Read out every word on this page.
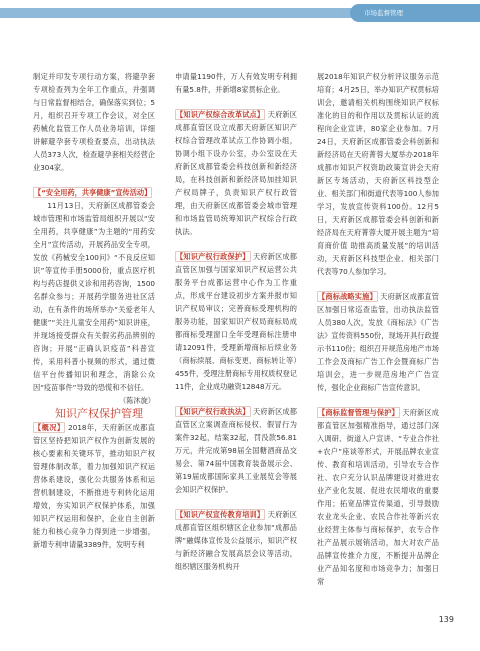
市场监督管理

制定并印发专项行动方案，将避孕套专项检查列为全年工作重点，并强调与日常监督相结合，确保落实到位；5月，组织召开专项工作会议，对全区药械化监管工作人员业务培训，详细讲解避孕套专项检查要点，出动执法人员373人次，检查避孕套相关经营企业304家。

【“安全用药，共享健康”宣传活动】

11月13日，天府新区成都管委会城市管理和市场监管局组织开展以“安全用药，共享健康”为主题的“用药安全月”宣传活动，开展药品安全专项，发放《药械安全100问》“不良反应知识”等宣传手册5000份，重点医疗机构与药店提供义诊和用药咨询，1500名群众参与；开展药学服务进社区活动，在有条件的场所举办“关爱老年人健康”“关注儿童安全用药”知识讲座，并现场接受群众有关假劣药品辨别的咨询；开展“正确认识疫苗”科普宣传，采用科普小视频的形式，通过微信平台传播知识和理念，消除公众因“疫苗事件”导致的恐慌和不信任。

（陈沐旋）

知识产权保护管理

【概况】 2018年，天府新区成都直管区坚持把知识产权作为创新发展的核心要素和关键环节，推动知识产权管理体制改革，着力加强知识产权运营体系建设，强化公共服务体系和运营机制建设，不断推进专利转化运用增效，夯实知识产权保护体系，加强知识产权运用和保护，企业自主创新能力和核心竞争力得到进一步增强，新增专利申请量3389件，发明专利

申请量1190件，万人有效发明专利拥有量5.8件，并新增8家贯标企业。

【知识产权综合改革试点】 天府新区成都直管区设立成都天府新区知识产权综合管理改革试点工作协调小组，协调小组下设办公室，办公室设在天府新区成都管委会科技创新和新经济局，在科技创新和新经济局加挂知识产权局牌子，负责知识产权行政管理，由天府新区成都管委会城市管理和市场监管局统筹知识产权综合行政执法。

【知识产权行政保护】 天府新区成都直管区加强与国家知识产权运营公共服务平台成都运营中心作为工作重点，形成平台建设初步方案并报市知识产权局审议；完善商标受理机构的服务功能，国家知识产权局商标局成都商标受理窗口全年受理商标注册申请12091件，受理新增商标后续业务（商标续展、商标变更、商标转让等）455件，受理注册商标专用权质权登记11件，企业成功融资12848万元。

【知识产权行政执法】 天府新区成都直管区立案调查商标侵权、假冒行为案件32起，结案32起，罚没款56.81万元，并完成第98届全国糖酒商品交易会、第74届中国教育装备展示会、第19届成都国际家具工业展览会等展会知识产权保护。

【知识产权宣传教育培训】 天府新区成都直管区组织辖区企业参加“成都品牌”融媒体宣传及公益展示，知识产权与新经济融合发展高层会议等活动，组织辖区服务机构开

展2018年知识产权分析评议服务示范培育；4月25日，举办知识产权贯标培训会，邀请相关机构围绕知识产权标准化的目的和作用以及贯标认证的流程向企业宣讲，80家企业参加。7月24日，天府新区成都管委会科创新和新经济局在天府菁蓉大厦举办2018年成都市知识产权资助政策宣讲会天府新区专场活动，天府新区科技型企业、相关部门和街道代表等100人参加学习，发放宣传资料100份。12月5日，天府新区成都管委会科创新和新经济局在天府菁蓉大厦开展主题为“培育商价值 助推高质量发展”的培训活动，天府新区科技型企业、相关部门代表等70人参加学习。

【商标战略实施】 天府新区成都直管区加强日常巡查监管，出动执法监管人员380人次，发放《商标法》《广告法》宣传资料550份，现场开具行政提示书110份；组织召开规范房地产市场工作会及商标广告工作会暨商标广告培训会，进一步规范房地产广告宣传，强化企业商标广告宣传意识。

【商标监督管理与保护】 天府新区成都直管区加强精准指导，通过部门深入调研、街道入户宣讲、“专业合作社+农户”座谈等形式，开展品牌农业宣传、教育和培训活动，引导农专合作社、农户充分认识品牌建设对推进农业产业化发展、促进农民增收的重要作用；拓宽品牌宣传渠道，引导鼓励农业龙头企业、农民合作社等新兴农业经营主体参与商标保护，农专合作社产品展示展销活动，加大对农产品品牌宣传推介力度，不断提升品牌企业产品知名度和市场竞争力；加强日常

139
